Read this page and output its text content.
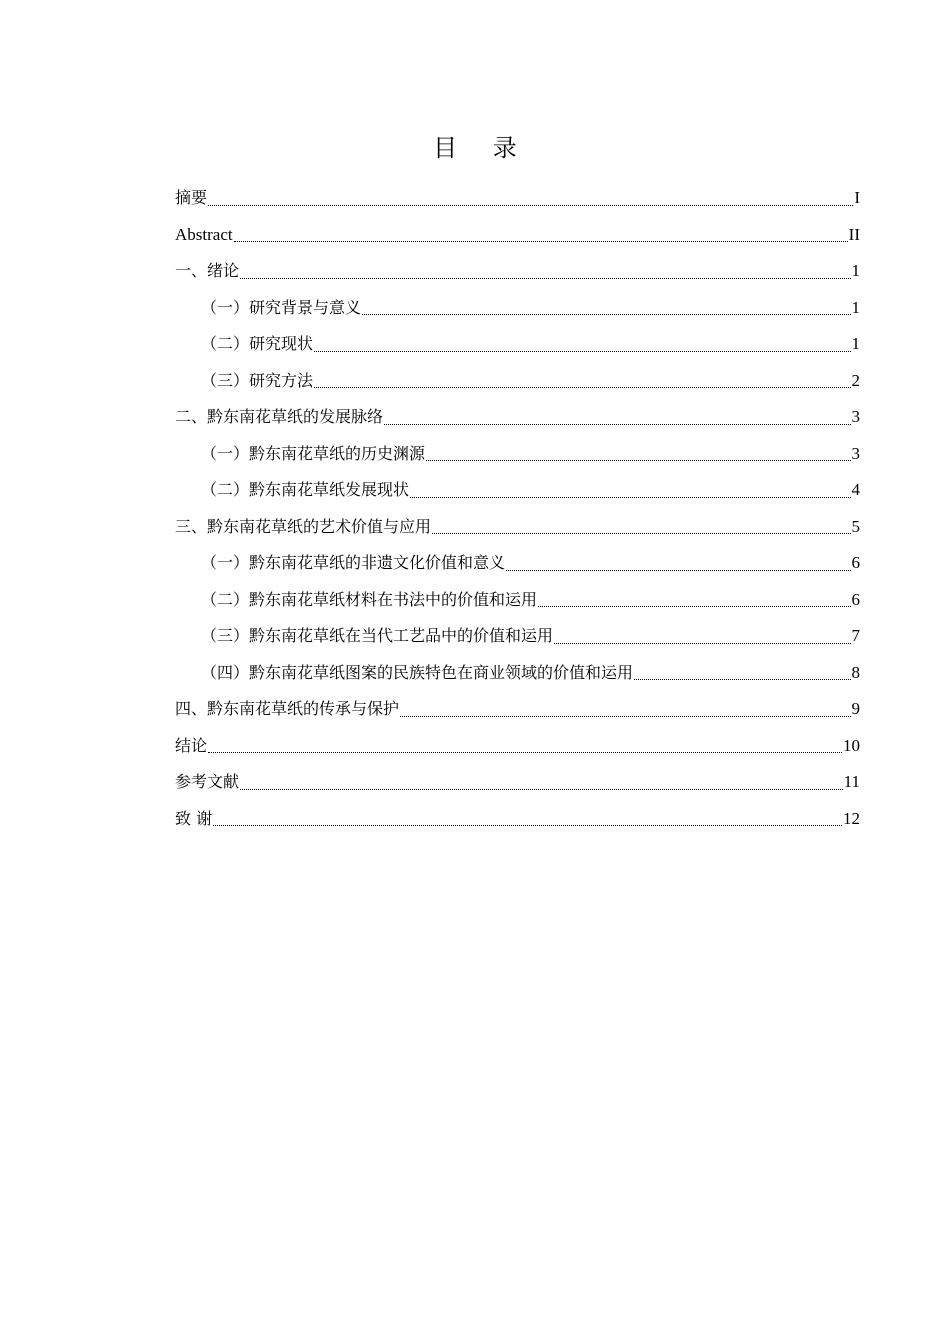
目 录
摘要	I
Abstract	II
一、绪论	1
（一）研究背景与意义	1
（二）研究现状	1
（三）研究方法	2
二、黔东南花草纸的发展脉络	3
（一）黔东南花草纸的历史渊源	3
（二）黔东南花草纸发展现状	4
三、黔东南花草纸的艺术价值与应用	5
（一）黔东南花草纸的非遗文化价值和意义	6
（二）黔东南花草纸材料在书法中的价值和运用	6
（三）黔东南花草纸在当代工艺品中的价值和运用	7
（四）黔东南花草纸图案的民族特色在商业领域的价值和运用	8
四、黔东南花草纸的传承与保护	9
结论	10
参考文献	11
致 谢	12
